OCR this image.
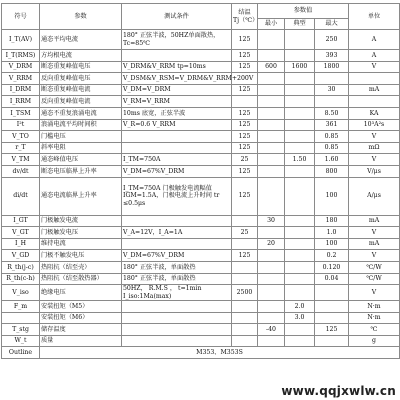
符号	参数	测试条件	结温
Tj（℃）	参数值			单位
				最小	典型	最大	
I_T(AV)	通态平均电流	180° 正弦半波，50HZ单面散热，Tc=85℃	125			250	A
I_T(RMS)	方均根电流		125			393	A
V_DRM	断态重复峰值电压	V_DRM&V_RRM tp=10ms	125	600	1600	1800	V
V_RRM	反向重复峰值电压	V_DSM&V_RSM=V_DRM&V_RRM+200V					
I_DRM	断态重复峰值电流	V_DM=V_DRM	125			30	mA
I_RRM	反向重复峰值电流	V_RM=V_RRM					
I_TSM	通态不重复浪涌电流	10ms 底宽，正弦半波	125			8.50	KA
I²t	浪涌电流平均时间积	V_R=0.6 V_RRM	125			361	10³A²s
V_TO	门槛电压		125			0.85	V
r_T	斜率电阻		125			0.85	mΩ
V_TM	通态峰值电压	I_TM=750A	25		1.50	1.60	V
dv/dt	断态电压临界上升率	V_DM=67%V_DRM	125			800	V/μs
di/dt	通态电流临界上升率	I_TM=750A 门极触发电流幅值 IGM=1.5A，门极电流上升时间 tr ≤0.5μs	125			100	A/μs
I_GT	门极触发电流			30		180	mA
V_GT	门极触发电压	V_A=12V，I_A=1A	25			1.0	V
I_H	维持电流			20		100	mA
V_GD	门极不触发电压	V_DM=67%V_DRM	125			0.2	V
R_th(j-c)	热阻抗（结至壳）	180° 正弦半波，单面散热				0.120	℃/W
R_th(c-h)	热阻抗（结至散热器）	180° 正弦半波，单面散热				0.04	℃/W
V_iso	绝缘电压	50HZ， R.M.S ， t=1min I_iso:1Ma(max)	2500				V
F_m	安装扭矩（M5）				2.0		N·m
	安装扭矩（M6）				3.0		N·m
T_stg	储存温度			-40		125	℃
W_t	质量						g
Outline	M353、M353S						
www.qqjxwlw.cn
